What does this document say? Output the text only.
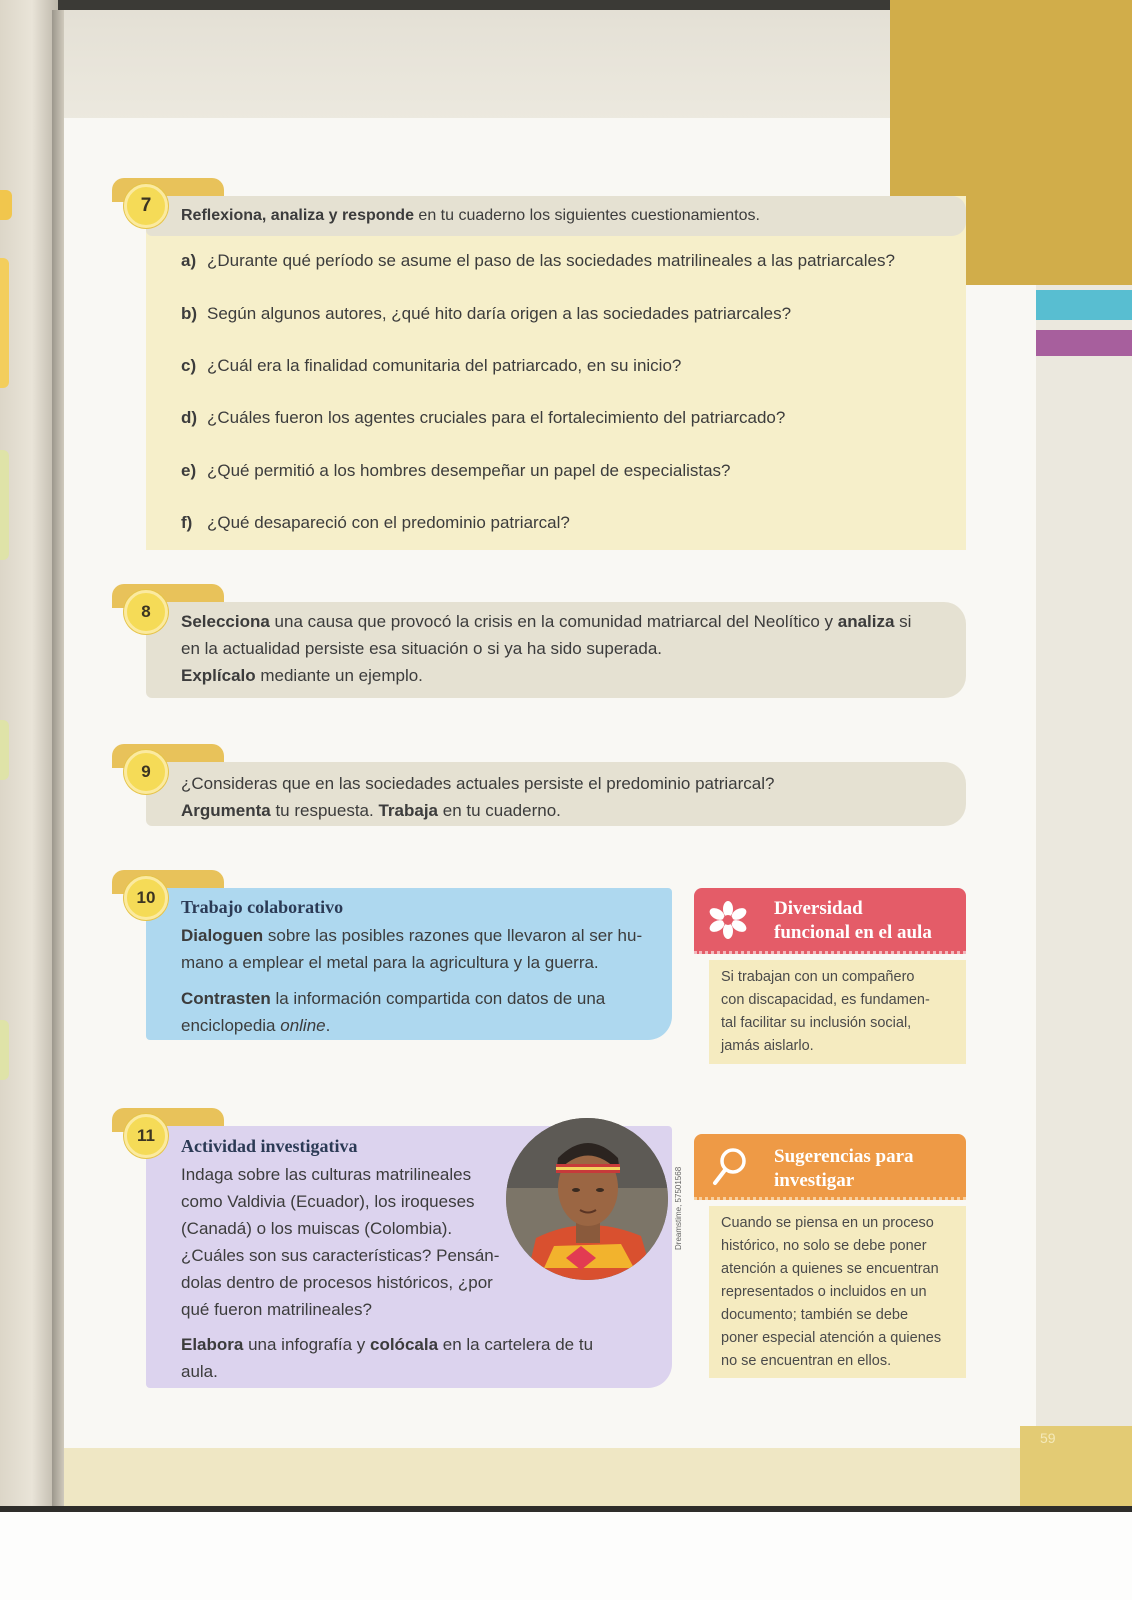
59
7	Reflexiona, analiza y responde en tu cuaderno los siguientes cuestionamientos.
a) ¿Durante qué período se asume el paso de las sociedades matrilineales a las patriarcales?
b) Según algunos autores, ¿qué hito daría origen a las sociedades patriarcales?
c) ¿Cuál era la finalidad comunitaria del patriarcado, en su inicio?
d) ¿Cuáles fueron los agentes cruciales para el fortalecimiento del patriarcado?
e) ¿Qué permitió a los hombres desempeñar un papel de especialistas?
f) ¿Qué desapareció con el predominio patriarcal?
8
Selecciona una causa que provocó la crisis en la comunidad matriarcal del Neolítico y analiza si
en la actualidad persiste esa situación o si ya ha sido superada.
Explícalo mediante un ejemplo.
9
¿Consideras que en las sociedades actuales persiste el predominio patriarcal?
Argumenta tu respuesta. Trabaja en tu cuaderno.
10	Trabajo colaborativo
Dialoguen sobre las posibles razones que llevaron al ser hu-
mano a emplear el metal para la agricultura y la guerra.
Contrasten la información compartida con datos de una
enciclopedia online.
Diversidad
funcional en el aula
Si trabajan con un compañero
con discapacidad, es fundamen-
tal facilitar su inclusión social,
jamás aislarlo.
11
Actividad investigativa
Indaga sobre las culturas matrilineales
como Valdivia (Ecuador), los iroqueses
(Canadá) o los muiscas (Colombia).
¿Cuáles son sus características? Pensán-
dolas dentro de procesos históricos, ¿por
qué fueron matrilineales?
Elabora una infografía y colócala en la cartelera de tu
aula.
Dreamstime, 57501568
Sugerencias para
investigar
Cuando se piensa en un proceso
histórico, no solo se debe poner
atención a quienes se encuentran
representados o incluidos en un
documento; también se debe
poner especial atención a quienes
no se encuentran en ellos.
